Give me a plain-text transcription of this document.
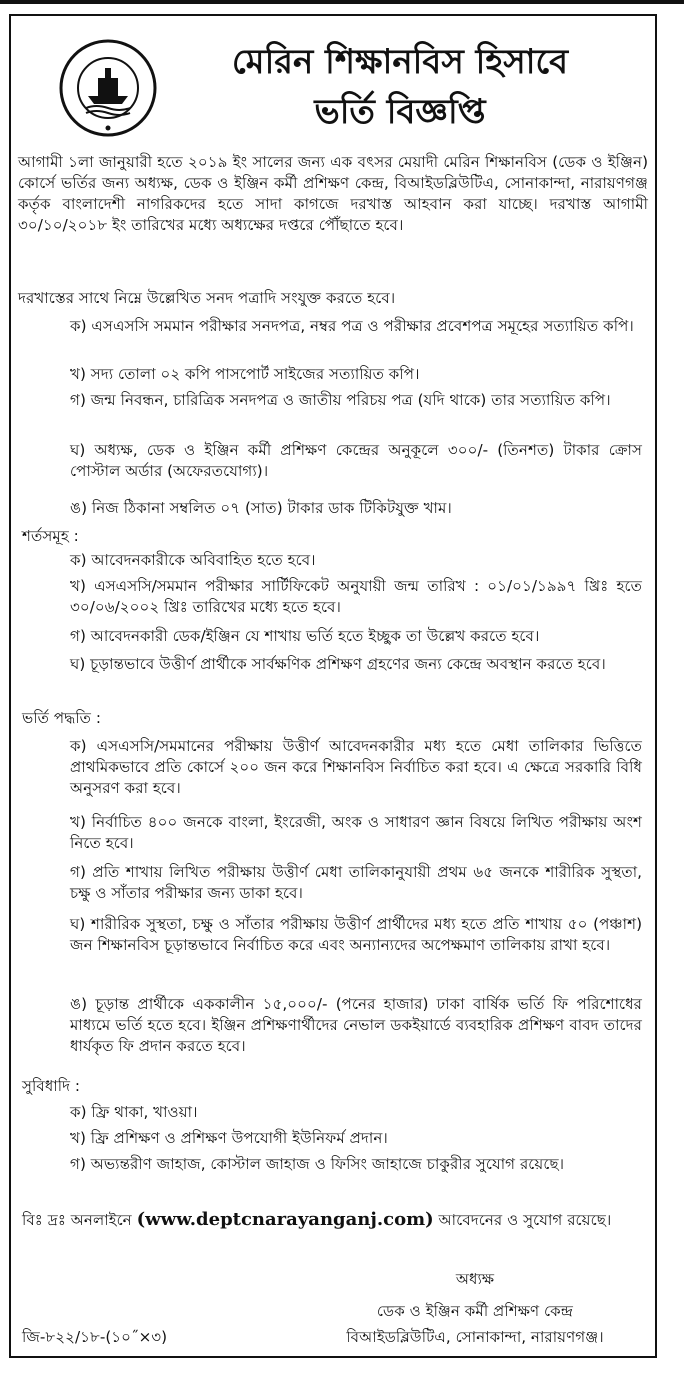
মেরিন শিক্ষানবিস হিসাবে
ভর্তি বিজ্ঞপ্তি
আগামী ১লা জানুয়ারী হতে ২০১৯ ইং সালের জন্য এক বৎসর মেয়াদী মেরিন শিক্ষানবিস (ডেক ও ইঞ্জিন) কোর্সে ভর্তির জন্য অধ্যক্ষ, ডেক ও ইঞ্জিন কর্মী প্রশিক্ষণ কেন্দ্র, বিআইডব্লিউটিএ, সোনাকান্দা, নারায়ণগঞ্জ কর্তৃক বাংলাদেশী নাগরিকদের হতে সাদা কাগজে দরখাস্ত আহবান করা যাচ্ছে। দরখাস্ত আগামী ৩০/১০/২০১৮ ইং তারিখের মধ্যে অধ্যক্ষের দপ্তরে পৌঁছাতে হবে।
দরখাস্তের সাথে নিম্নে উল্লেখিত সনদ পত্রাদি সংযুক্ত করতে হবে।
ক) এসএসসি সমমান পরীক্ষার সনদপত্র, নম্বর পত্র ও পরীক্ষার প্রবেশপত্র সমূহের সত্যায়িত কপি।
খ) সদ্য তোলা ০২ কপি পাসপোর্ট সাইজের সত্যায়িত কপি।
গ) জন্ম নিবন্ধন, চারিত্রিক সনদপত্র ও জাতীয় পরিচয় পত্র (যদি থাকে) তার সত্যায়িত কপি।
ঘ) অধ্যক্ষ, ডেক ও ইঞ্জিন কর্মী প্রশিক্ষণ কেন্দ্রের অনুকূলে ৩০০/- (তিনশত) টাকার ক্রোস পোস্টাল অর্ডার (অফেরতযোগ্য)।
ঙ) নিজ ঠিকানা সম্বলিত ০৭ (সাত) টাকার ডাক টিকিটযুক্ত খাম।
শর্তসমূহ :
ক) আবেদনকারীকে অবিবাহিত হতে হবে।
খ) এসএসসি/সমমান পরীক্ষার সার্টিফিকেট অনুযায়ী জন্ম তারিখ : ০১/০১/১৯৯৭ খ্রিঃ হতে ৩০/০৬/২০০২ খ্রিঃ তারিখের মধ্যে হতে হবে।
গ) আবেদনকারী ডেক/ইঞ্জিন যে শাখায় ভর্তি হতে ইচ্ছুক তা উল্লেখ করতে হবে।
ঘ) চূড়ান্তভাবে উত্তীর্ণ প্রার্থীকে সার্বক্ষণিক প্রশিক্ষণ গ্রহণের জন্য কেন্দ্রে অবস্থান করতে হবে।
ভর্তি পদ্ধতি :
ক) এসএসসি/সমমানের পরীক্ষায় উত্তীর্ণ আবেদনকারীর মধ্য হতে মেধা তালিকার ভিত্তিতে প্রাথমিকভাবে প্রতি কোর্সে ২০০ জন করে শিক্ষানবিস নির্বাচিত করা হবে। এ ক্ষেত্রে সরকারি বিধি অনুসরণ করা হবে।
খ) নির্বাচিত ৪০০ জনকে বাংলা, ইংরেজী, অংক ও সাধারণ জ্ঞান বিষয়ে লিখিত পরীক্ষায় অংশ নিতে হবে।
গ) প্রতি শাখায় লিখিত পরীক্ষায় উত্তীর্ণ মেধা তালিকানুযায়ী প্রথম ৬৫ জনকে শারীরিক সুস্থতা, চক্ষু ও সাঁতার পরীক্ষার জন্য ডাকা হবে।
ঘ) শারীরিক সুস্থতা, চক্ষু ও সাঁতার পরীক্ষায় উত্তীর্ণ প্রার্থীদের মধ্য হতে প্রতি শাখায় ৫০ (পঞ্চাশ) জন শিক্ষানবিস চূড়ান্তভাবে নির্বাচিত করে এবং অন্যান্যদের অপেক্ষমাণ তালিকায় রাখা হবে।
ঙ) চূড়ান্ত প্রার্থীকে এককালীন ১৫,০০০/- (পনের হাজার) ঢাকা বার্ষিক ভর্তি ফি পরিশোধের মাধ্যমে ভর্তি হতে হবে। ইঞ্জিন প্রশিক্ষণার্থীদের নেভাল ডকইয়ার্ডে ব্যবহারিক প্রশিক্ষণ বাবদ তাদের ধার্যকৃত ফি প্রদান করতে হবে।
সুবিধাদি :
ক) ফ্রি থাকা, খাওয়া।
খ) ফ্রি প্রশিক্ষণ ও প্রশিক্ষণ উপযোগী ইউনিফর্ম প্রদান।
গ) অভ্যন্তরীণ জাহাজ, কোস্টাল জাহাজ ও ফিসিং জাহাজে চাকুরীর সুযোগ রয়েছে।
বিঃ দ্রঃ অনলাইনে (www.deptcnarayanganj.com) আবেদনের ও সুযোগ রয়েছে।
অধ্যক্ষ
ডেক ও ইঞ্জিন কর্মী প্রশিক্ষণ কেন্দ্র
বিআইডব্লিউটিএ, সোনাকান্দা, নারায়ণগঞ্জ।
জি-৮২২/১৮-(১০˝×৩)
